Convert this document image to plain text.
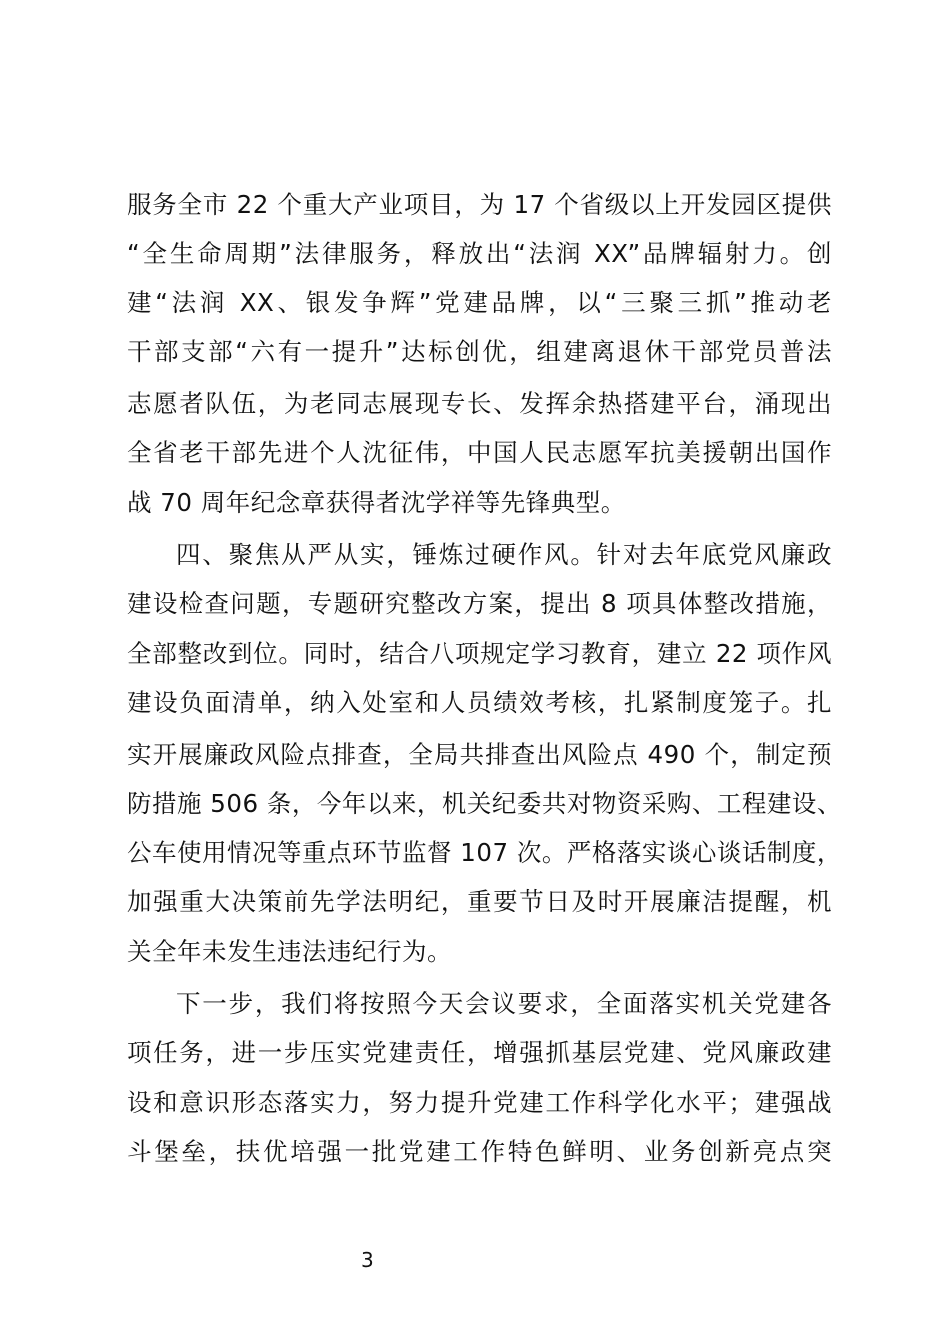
服务全市 22 个重大产业项目，为 17 个省级以上开发园区提供
“全生命周期”法律服务，释放出“法润 XX”品牌辐射力。创
建“法润 XX、银发争辉”党建品牌，以“三聚三抓”推动老
干部支部“六有一提升”达标创优，组建离退休干部党员普法
志愿者队伍，为老同志展现专长、发挥余热搭建平台，涌现出
全省老干部先进个人沈征伟，中国人民志愿军抗美援朝出国作
战 70 周年纪念章获得者沈学祥等先锋典型。
四、聚焦从严从实，锤炼过硬作风。针对去年底党风廉政
建设检查问题，专题研究整改方案，提出 8 项具体整改措施，
全部整改到位。同时，结合八项规定学习教育，建立 22 项作风
建设负面清单，纳入处室和人员绩效考核，扎紧制度笼子。扎
实开展廉政风险点排查，全局共排查出风险点 490 个，制定预
防措施 506 条，今年以来，机关纪委共对物资采购、工程建设、
公车使用情况等重点环节监督 107 次。严格落实谈心谈话制度，
加强重大决策前先学法明纪，重要节日及时开展廉洁提醒，机
关全年未发生违法违纪行为。
下一步，我们将按照今天会议要求，全面落实机关党建各
项任务，进一步压实党建责任，增强抓基层党建、党风廉政建
设和意识形态落实力，努力提升党建工作科学化水平；建强战
斗堡垒，扶优培强一批党建工作特色鲜明、业务创新亮点突
3
